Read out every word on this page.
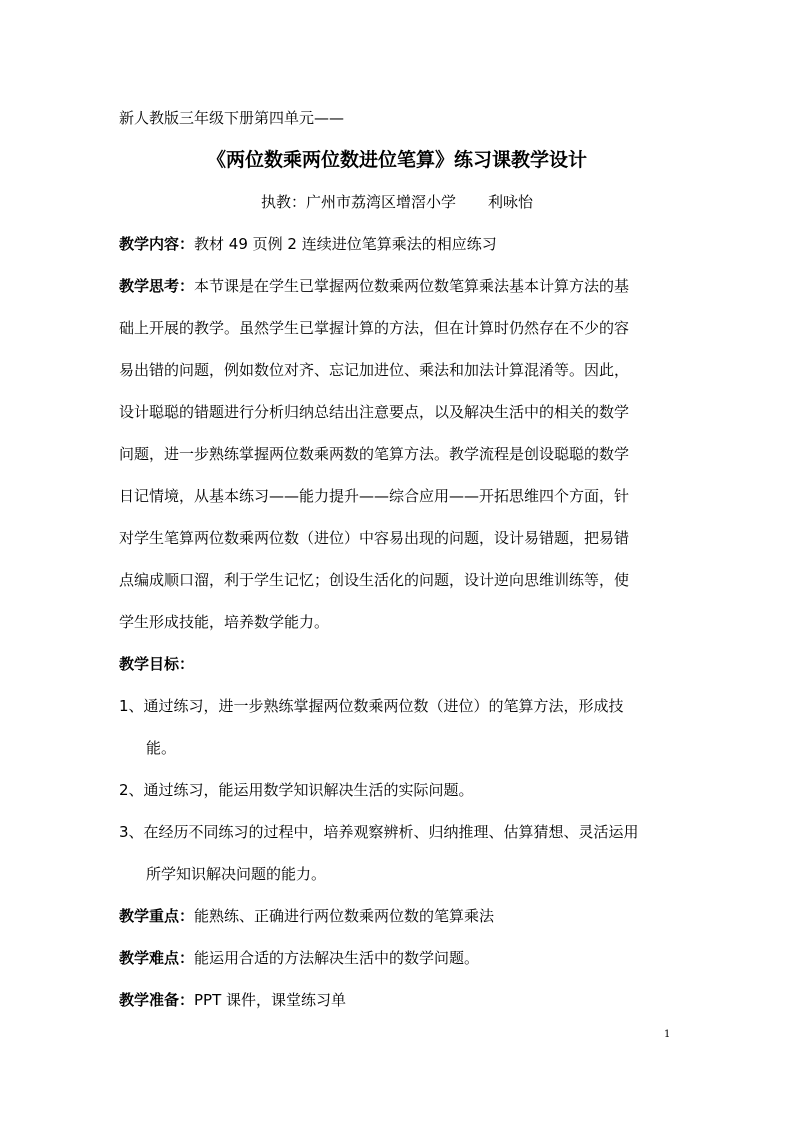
新人教版三年级下册第四单元——
《两位数乘两位数进位笔算》练习课教学设计
执教：广州市荔湾区增滘小学 利咏怡
教学内容：教材 49 页例 2 连续进位笔算乘法的相应练习
教学思考：本节课是在学生已掌握两位数乘两位数笔算乘法基本计算方法的基
础上开展的教学。虽然学生已掌握计算的方法，但在计算时仍然存在不少的容
易出错的问题，例如数位对齐、忘记加进位、乘法和加法计算混淆等。因此，
设计聪聪的错题进行分析归纳总结出注意要点，以及解决生活中的相关的数学
问题，进一步熟练掌握两位数乘两数的笔算方法。教学流程是创设聪聪的数学
日记情境，从基本练习——能力提升——综合应用——开拓思维四个方面，针
对学生笔算两位数乘两位数（进位）中容易出现的问题，设计易错题，把易错
点编成顺口溜，利于学生记忆；创设生活化的问题，设计逆向思维训练等，使
学生形成技能，培养数学能力。
教学目标：
1、通过练习，进一步熟练掌握两位数乘两位数（进位）的笔算方法，形成技
能。
2、通过练习，能运用数学知识解决生活的实际问题。
3、在经历不同练习的过程中，培养观察辨析、归纳推理、估算猜想、灵活运用
所学知识解决问题的能力。
教学重点：能熟练、正确进行两位数乘两位数的笔算乘法
教学难点：能运用合适的方法解决生活中的数学问题。
教学准备：PPT 课件，课堂练习单
1
